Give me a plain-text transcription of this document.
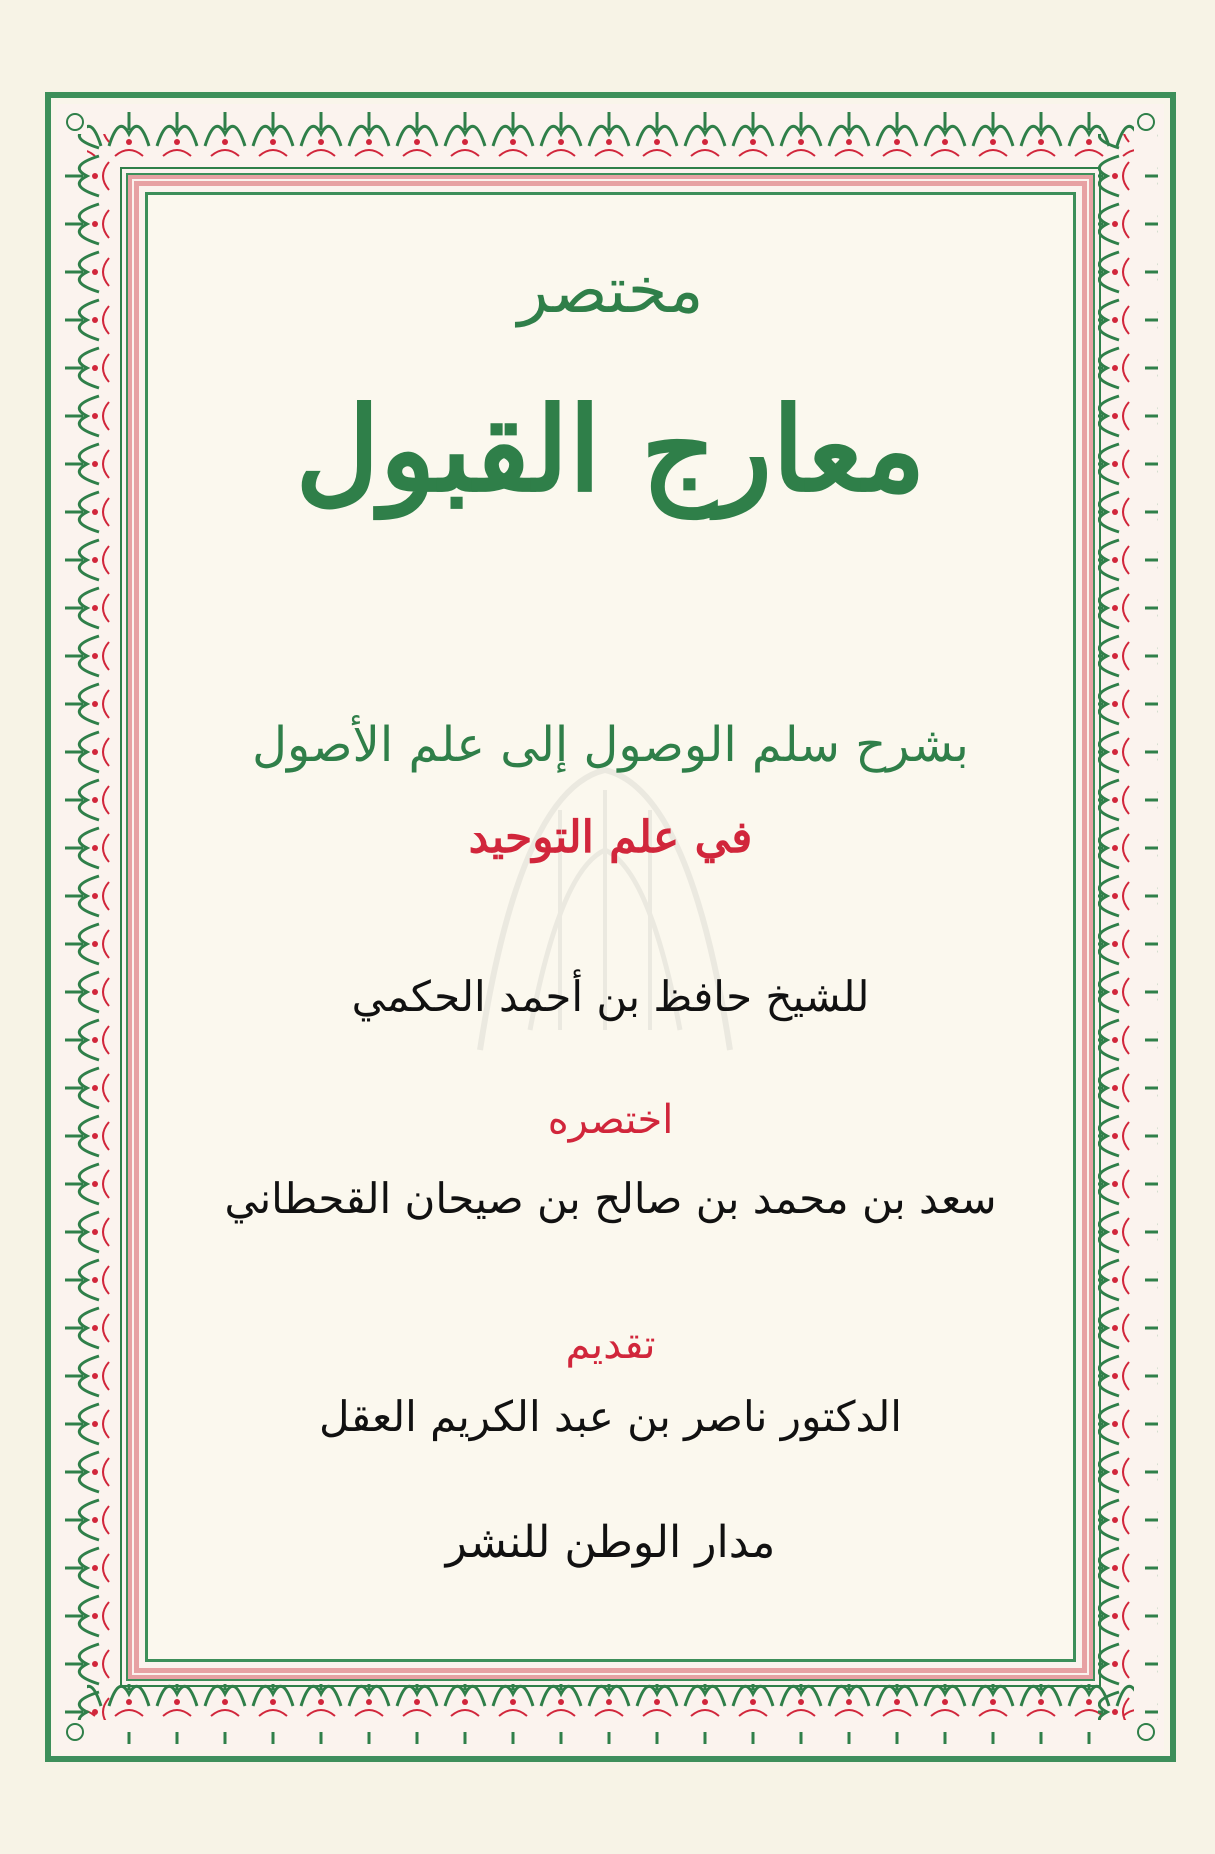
مختصر
معارج القبول
بشرح سلم الوصول إلى علم الأصول
في علم التوحيد
للشيخ حافظ بن أحمد الحكمي
اختصره
سعد بن محمد بن صالح بن صيحان القحطاني
تقديم
الدكتور ناصر بن عبد الكريم العقل
مدار الوطن للنشر
